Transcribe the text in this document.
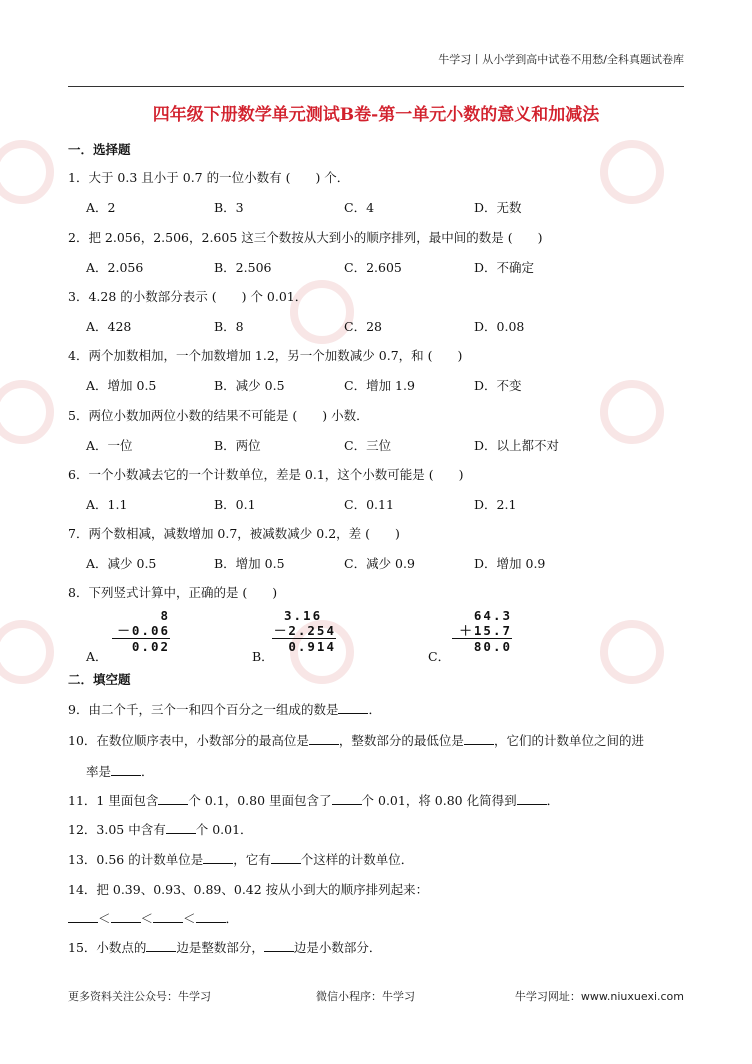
牛学习丨从小学到高中试卷不用愁/全科真题试卷库
四年级下册数学单元测试B卷-第一单元小数的意义和加减法
一．选择题
1．大于 0.3 且小于 0.7 的一位小数有 (　　) 个．
A．2	B．3	C．4	D．无数
2．把 2.056，2.506，2.605 这三个数按从大到小的顺序排列，最中间的数是 (　　)
A．2.056	B．2.506	C．2.605	D．不确定
3．4.28 的小数部分表示 (　　) 个 0.01．
A．428	B．8	C．28	D．0.08
4．两个加数相加，一个加数增加 1.2，另一个加数减少 0.7，和 (　　)
A．增加 0.5	B．减少 0.5	C．增加 1.9	D．不变
5．两位小数加两位小数的结果不可能是 (　　) 小数．
A．一位	B．两位	C．三位	D．以上都不对
6．一个小数减去它的一个计数单位，差是 0.1，这个小数可能是 (　　)
A．1.1	B．0.1	C．0.11	D．2.1
7．两个数相减，减数增加 0.7，被减数减少 0.2，差 (　　)
A．减少 0.5	B．增加 0.5	C．减少 0.9	D．增加 0.9
8．下列竖式计算中，正确的是 (　　)
A．
8
－0.06
0.02
B．
3.16
－2.254
0.914
C．
64.3
＋15.7
80.0
二．填空题
9．由二个千，三个一和四个百分之一组成的数是 ．
10．在数位顺序表中，小数部分的最高位是 ，整数部分的最低位是 ，它们的计数单位之间的进
率是 ．
11．1 里面包含 个 0.1，0.80 里面包含了 个 0.01，将 0.80 化简得到 ．
12．3.05 中含有 个 0.01．
13．0.56 的计数单位是 ，它有 个这样的计数单位．
14．把 0.39、0.93、0.89、0.42 按从小到大的顺序排列起来：
＜ ＜ ＜ ．
15．小数点的 边是整数部分， 边是小数部分．
更多资料关注公众号：牛学习	微信小程序：牛学习	牛学习网址：www.niuxuexi.com
